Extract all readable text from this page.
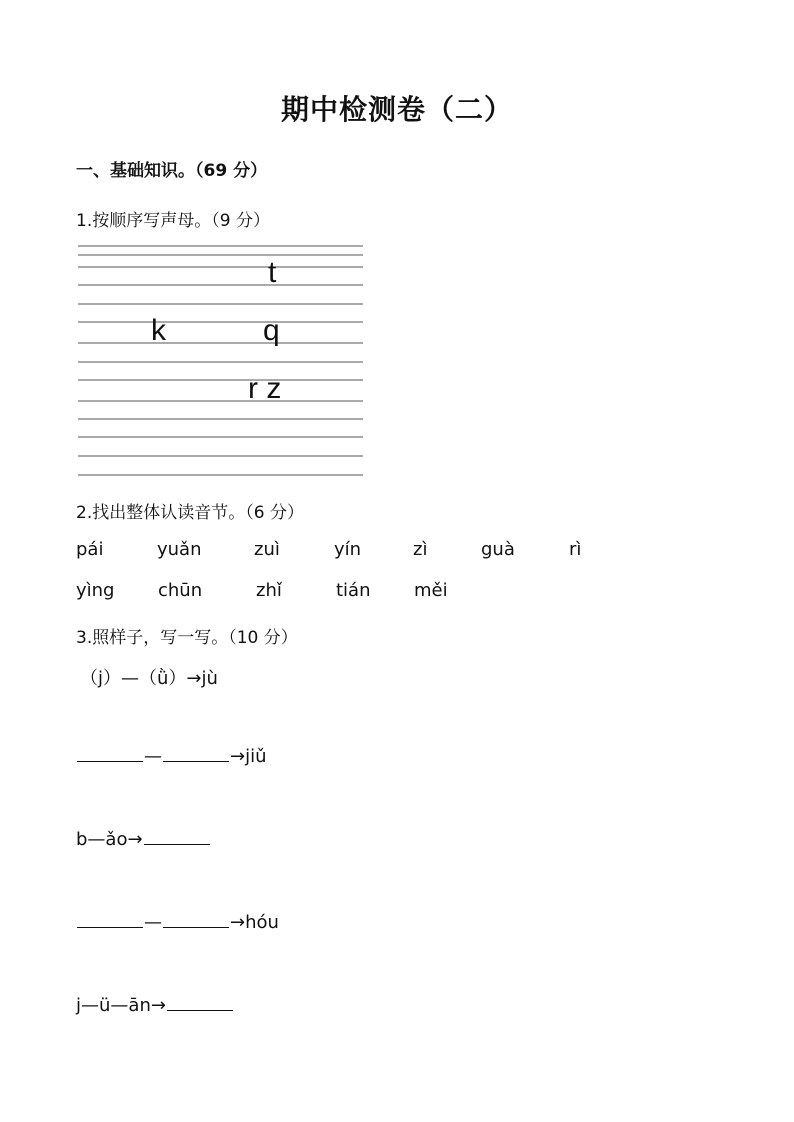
期中检测卷（二）
一、基础知识。（69 分）
1.按顺序写声母。（9 分）
t
k	q
r z
2.找出整体认读音节。（6 分）
pái	yuǎn	zuì	yín	zì	guà	rì
yìng chūn	zhǐ	tián měi
3.照样子，写一写。（10 分）
（j）—（ǜ）→jù
—	→jiǔ
b—ǎo→
—	→hóu
j—ü—ān→
